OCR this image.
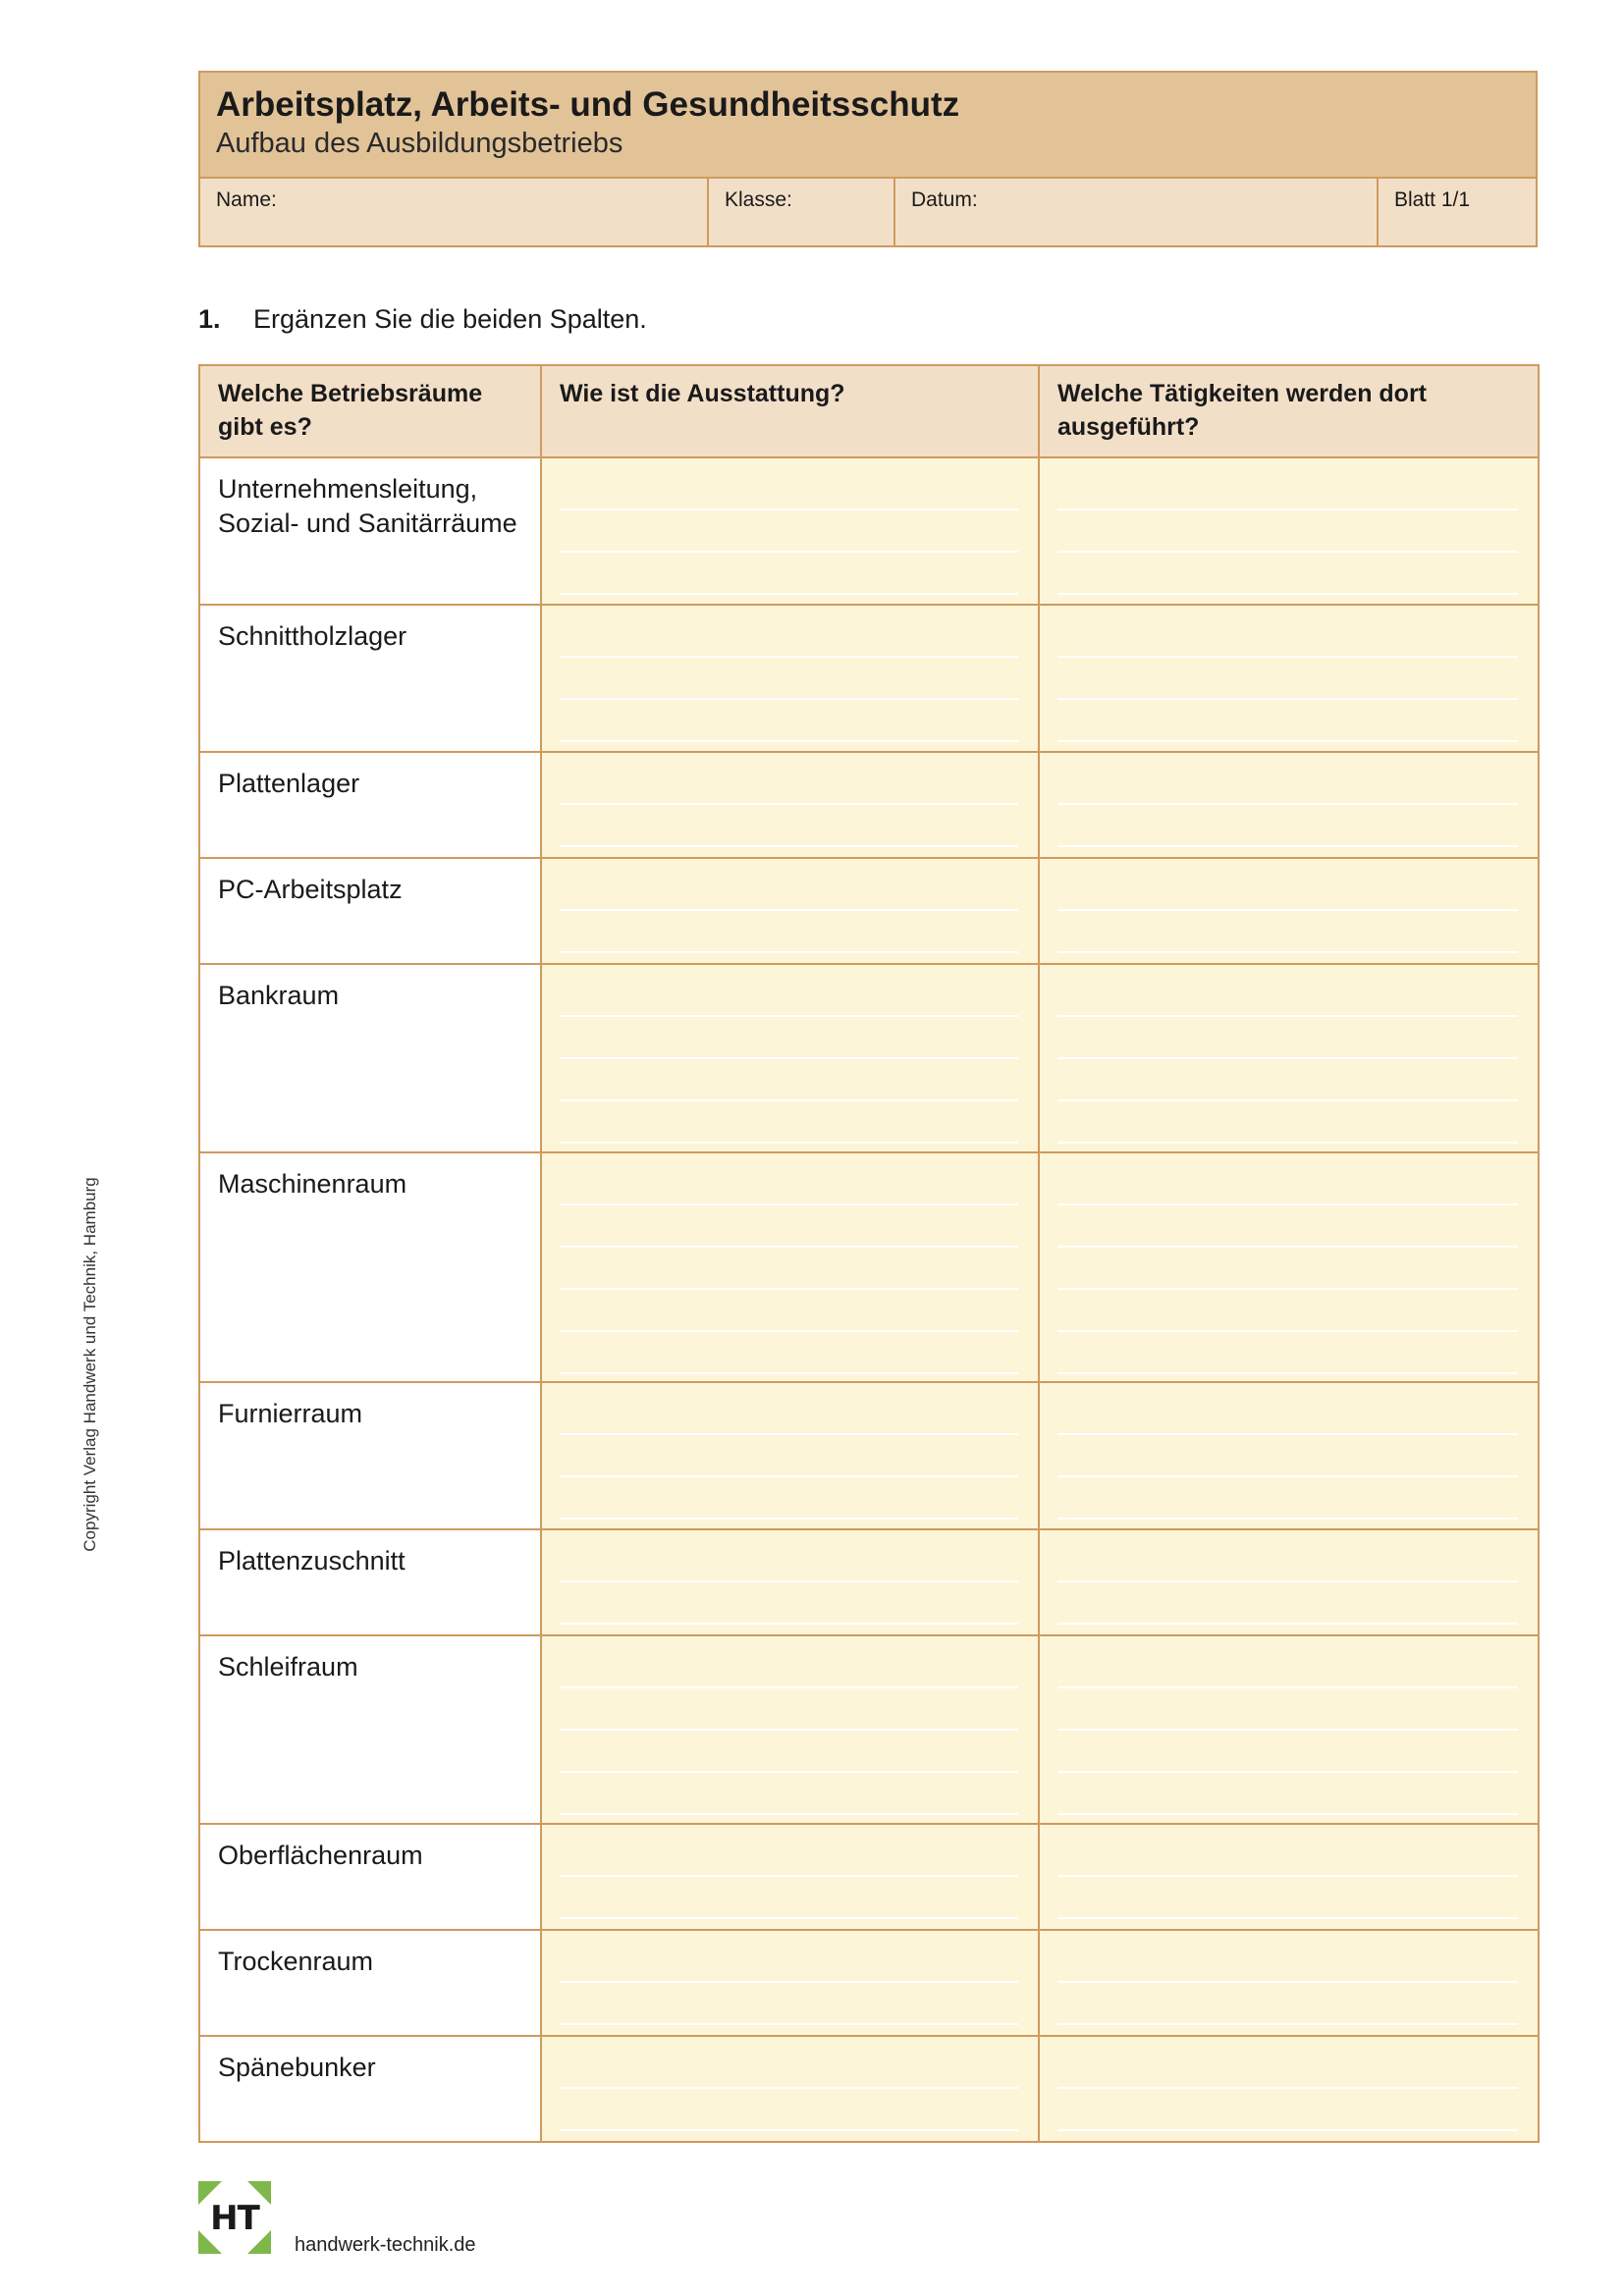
Arbeitsplatz, Arbeits- und Gesundheitsschutz
Aufbau des Ausbildungsbetriebs
Name:	Klasse:	Datum:	Blatt 1/1
1.	Ergänzen Sie die beiden Spalten.
Welche Betriebsräume gibt es?	Wie ist die Ausstattung?	Welche Tätigkeiten werden dort ausgeführt?
Unternehmensleitung, Sozial- und Sanitärräume		
Schnittholzlager		
Plattenlager		
PC-Arbeitsplatz		
Bankraum		
Maschinenraum		
Furnierraum		
Plattenzuschnitt		
Schleifraum		
Oberflächenraum		
Trockenraum		
Spänebunker		
Copyright Verlag Handwerk und Technik, Hamburg
HT
handwerk-technik.de
